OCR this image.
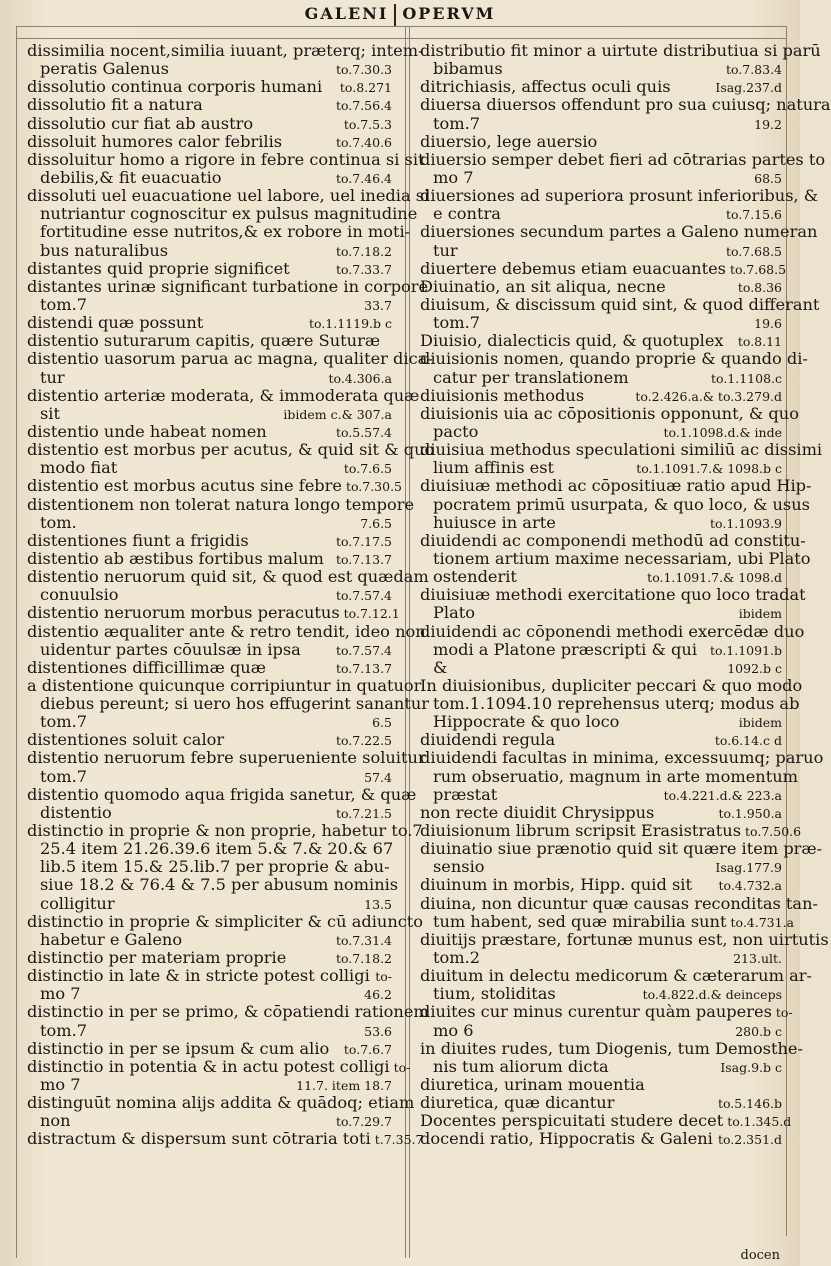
GALENI OPERVM
dissimilia nocent,similia iuuant, præterq; intem-
peratis Galenus	to.7.30.3
dissolutio continua corporis humani	to.8.271
dissolutio fit a natura	to.7.56.4
dissolutio cur fiat ab austro	to.7.5.3
dissoluit humores calor febrilis	to.7.40.6
dissoluitur homo a rigore in febre continua si sit
debilis,& fit euacuatio	to.7.46.4
dissoluti uel euacuatione uel labore, uel inedia si
nutriantur cognoscitur ex pulsus magnitudine
fortitudine esse nutritos,& ex robore in moti-
bus naturalibus	to.7.18.2
distantes quid proprie significet	to.7.33.7
distantes urinæ significant turbatione in corpore
tom.7	33.7
distendi quæ possunt	to.1.1119.b c
distentio suturarum capitis, quære Suturæ
distentio uasorum parua ac magna, qualiter dica-
tur	to.4.306.a
distentio arteriæ moderata, & immoderata quæ
sit	ibidem c.& 307.a
distentio unde habeat nomen	to.5.57.4
distentio est morbus per acutus, & quid sit & quo
modo fiat	to.7.6.5
distentio est morbus acutus sine febre to.7.30.5
distentionem non tolerat natura longo tempore
tom.	7.6.5
distentiones fiunt a frigidis	to.7.17.5
distentio ab æstibus fortibus malum to.7.13.7
distentio neruorum quid sit, & quod est quædam
conuulsio	to.7.57.4
distentio neruorum morbus peracutus to.7.12.1
distentio æqualiter ante & retro tendit, ideo non
uidentur partes cōuulsæ in ipsa	to.7.57.4
distentiones difficillimæ quæ	to.7.13.7
a distentione quicunque corripiuntur in quatuor
diebus pereunt; si uero hos effugerint sanantur
tom.7	6.5
distentiones soluit calor	to.7.22.5
distentio neruorum febre superueniente soluitur
tom.7	57.4
distentio quomodo aqua frigida sanetur, & quæ
distentio	to.7.21.5
distinctio in proprie & non proprie, habetur to.7
25.4 item 21.26.39.6 item 5.& 7.& 20.& 67
lib.5 item 15.& 25.lib.7 per proprie & abu-
siue 18.2 & 76.4 & 7.5 per abusum nominis
colligitur	13.5
distinctio in proprie & simpliciter & cū adiuncto
habetur e Galeno	to.7.31.4
distinctio per materiam proprie	to.7.18.2
distinctio in late & in stricte potest colligi to-
mo 7	46.2
distinctio in per se primo, & cōpatiendi rationem
tom.7	53.6
distinctio in per se ipsum & cum alio	to.7.6.7
distinctio in potentia & in actu potest colligi to-
mo 7	11.7. item 18.7
distinguūt nomina alijs addita & quādoq; etiam
non	to.7.29.7
distractum & dispersum sunt cōtraria toti t.7.35.7
distributio fit minor a uirtute distributiua si parū
bibamus	to.7.83.4
ditrichiasis, affectus oculi quis	Isag.237.d
diuersa diuersos offendunt pro sua cuiusq; natura
tom.7	19.2
diuersio, lege auersio
diuersio semper debet fieri ad cōtrarias partes to
mo 7	68.5
diuersiones ad superiora prosunt inferioribus, &
e contra	to.7.15.6
diuersiones secundum partes a Galeno numeran
tur	to.7.68.5
diuertere debemus etiam euacuantes to.7.68.5
Diuinatio, an sit aliqua, necne	to.8.36
diuisum, & discissum quid sint, & quod differant
tom.7	19.6
Diuisio, dialecticis quid, & quotuplex	to.8.11
diuisionis nomen, quando proprie & quando di-
catur per translationem	to.1.1108.c
diuisionis methodus	to.2.426.a.& to.3.279.d
diuisionis uia ac cōpositionis opponunt, & quo
pacto	to.1.1098.d.& inde
diuisiua methodus speculationi similiū ac dissimi
lium affinis est	to.1.1091.7.& 1098.b c
diuisiuæ methodi ac cōpositiuæ ratio apud Hip-
pocratem primū usurpata, & quo loco, & usus
huiusce in arte	to.1.1093.9
diuidendi ac componendi methodū ad constitu-
tionem artium maxime necessariam, ubi Plato
ostenderit	to.1.1091.7.& 1098.d
diuisiuæ methodi exercitatione quo loco tradat
Plato	ibidem
diuidendi ac cōponendi methodi exercēdæ duo
modi a Platone præscripti & qui	to.1.1091.b
&	1092.b c
In diuisionibus, dupliciter peccari & quo modo
tom.1.1094.10 reprehensus uterq; modus ab
Hippocrate & quo loco	ibidem
diuidendi regula	to.6.14.c d
diuidendi facultas in minima, excessuumq; paruo
rum obseruatio, magnum in arte momentum
præstat	to.4.221.d.& 223.a
non recte diuidit Chrysippus	to.1.950.a
diuisionum librum scripsit Erasistratus to.7.50.6
diuinatio siue prænotio quid sit quære item præ-
sensio	Isag.177.9
diuinum in morbis, Hipp. quid sit	to.4.732.a
diuina, non dicuntur quæ causas reconditas tan-
tum habent, sed quæ mirabilia sunt to.4.731.a
diuitijs præstare, fortunæ munus est, non uirtutis
tom.2	213.ult.
diuitum in delectu medicorum & cæterarum ar-
tium, stoliditas	to.4.822.d.& deinceps
diuites cur minus curentur quàm pauperes to-
mo 6	280.b c
in diuites rudes, tum Diogenis, tum Demosthe-
nis tum aliorum dicta	Isag.9.b c
diuretica, urinam mouentia
diuretica, quæ dicantur	to.5.146.b
Docentes perspicuitati studere decet to.1.345.d
docendi ratio, Hippocratis & Galeni to.2.351.d
docen
